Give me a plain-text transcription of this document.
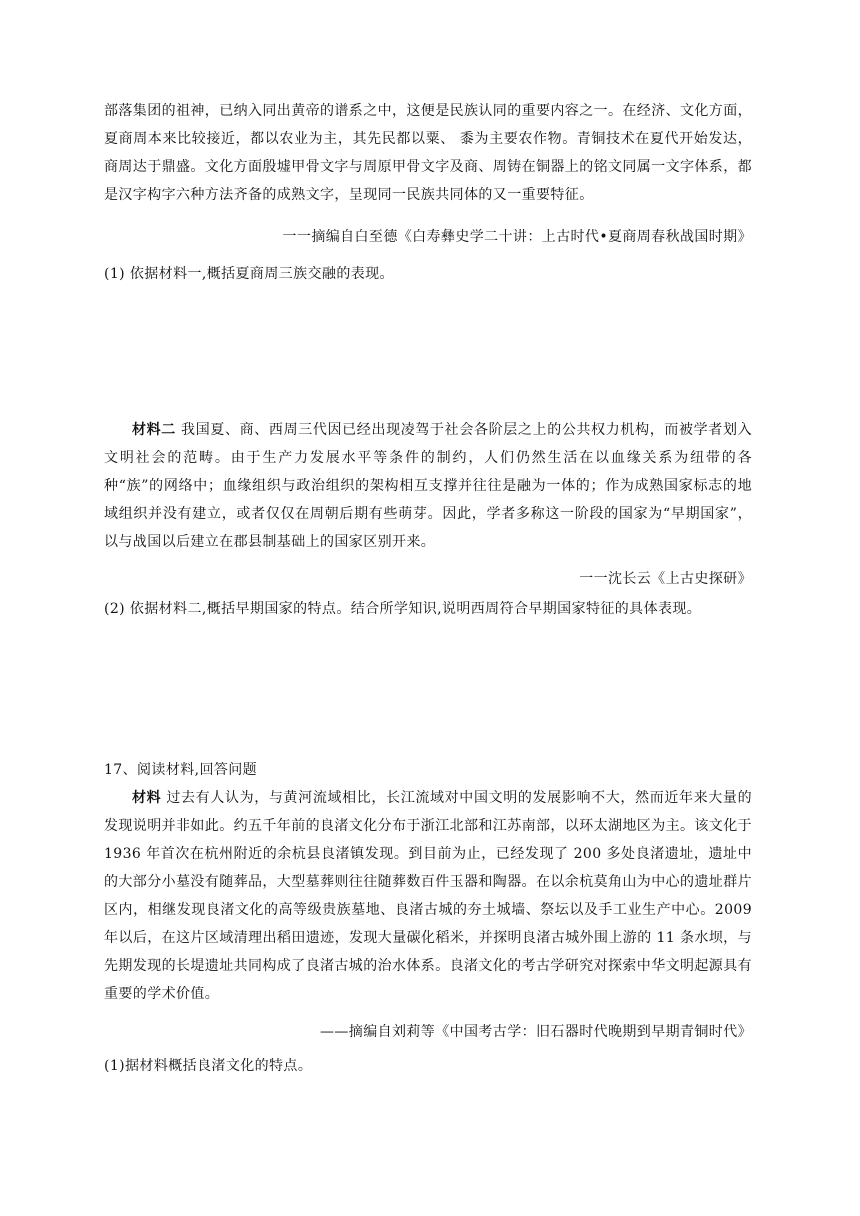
部落集团的祖神，已纳入同出黄帝的谱系之中，这便是民族认同的重要内容之一。在经济、文化方面，夏商周本来比较接近，都以农业为主，其先民都以粟、 黍为主要农作物。青铜技术在夏代开始发达，商周达于鼎盛。文化方面殷墟甲骨文字与周原甲骨文字及商、周铸在铜器上的铭文同属一文字体系，都是汉字构字六种方法齐备的成熟文字，呈现同一民族共同体的又一重要特征。

一一摘编自白至德《白寿彝史学二十讲：上古时代•夏商周春秋战国时期》

(1) 依据材料一,概括夏商周三族交融的表现。

材料二 我国夏、商、西周三代因已经出现凌驾于社会各阶层之上的公共权力机构，而被学者划入文明社会的范畴。由于生产力发展水平等条件的制约，人们仍然生活在以血缘关系为纽带的各种“族”的网络中；血缘组织与政治组织的架构相互支撑并往往是融为一体的；作为成熟国家标志的地域组织并没有建立，或者仅仅在周朝后期有些萌芽。因此，学者多称这一阶段的国家为“早期国家”，以与战国以后建立在郡县制基础上的国家区别开来。

一一沈长云《上古史探研》

(2) 依据材料二,概括早期国家的特点。结合所学知识,说明西周符合早期国家特征的具体表现。

17、阅读材料,回答问题

材料 过去有人认为，与黄河流域相比，长江流域对中国文明的发展影响不大，然而近年来大量的发现说明并非如此。约五千年前的良渚文化分布于浙江北部和江苏南部，以环太湖地区为主。该文化于 1936 年首次在杭州附近的余杭县良渚镇发现。到目前为止，已经发现了 200 多处良渚遗址，遗址中的大部分小墓没有随葬品，大型墓葬则往往随葬数百件玉器和陶器。在以余杭莫角山为中心的遗址群片区内，相继发现良渚文化的高等级贵族墓地、良渚古城的夯土城墙、祭坛以及手工业生产中心。2009 年以后，在这片区域清理出稻田遗迹，发现大量碳化稻米，并探明良渚古城外围上游的 11 条水坝，与先期发现的长堤遗址共同构成了良渚古城的治水体系。良渚文化的考古学研究对探索中华文明起源具有重要的学术价值。

——摘编自刘莉等《中国考古学：旧石器时代晚期到早期青铜时代》

(1)据材料概括良渚文化的特点。
